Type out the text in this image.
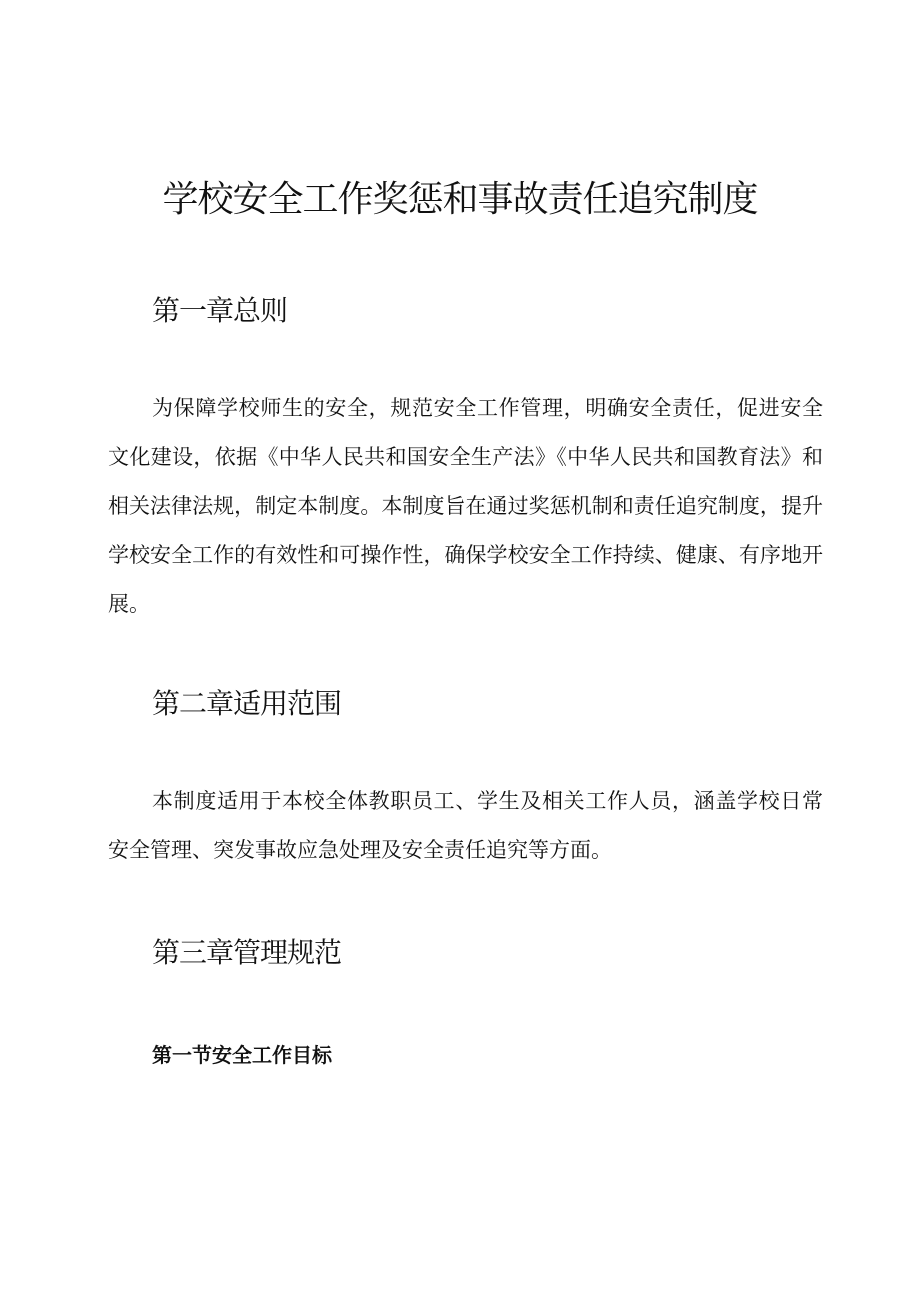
学校安全工作奖惩和事故责任追究制度
第一章总则

为保障学校师生的安全，规范安全工作管理，明确安全责任，促进安全文化建设，依据《中华人民共和国安全生产法》《中华人民共和国教育法》和相关法律法规，制定本制度。本制度旨在通过奖惩机制和责任追究制度，提升学校安全工作的有效性和可操作性，确保学校安全工作持续、健康、有序地开展。

第二章适用范围

本制度适用于本校全体教职员工、学生及相关工作人员，涵盖学校日常安全管理、突发事故应急处理及安全责任追究等方面。

第三章管理规范
第一节安全工作目标
